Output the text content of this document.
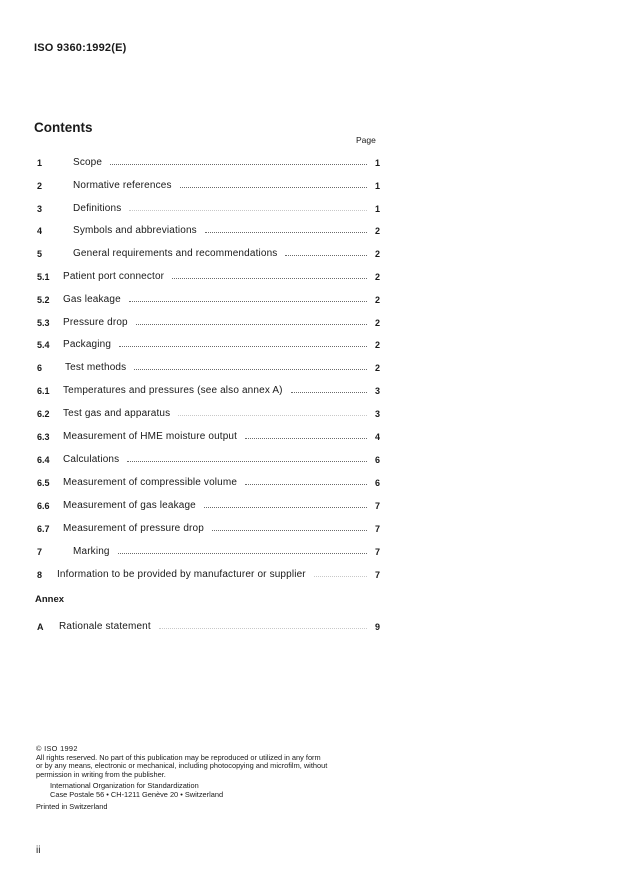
ISO 9360:1992(E)
Contents
Page
1	Scope	1
2	Normative references	1
3	Definitions	1
4	Symbols and abbreviations	2
5	General requirements and recommendations	2
5.1	Patient port connector	2
5.2	Gas leakage	2
5.3	Pressure drop	2
5.4	Packaging	2
6	Test methods	2
6.1	Temperatures and pressures (see also annex A)	3
6.2	Test gas and apparatus	3
6.3	Measurement of HME moisture output	4
6.4	Calculations	6
6.5	Measurement of compressible volume	6
6.6	Measurement of gas leakage	7
6.7	Measurement of pressure drop	7
7	Marking	7
8	Information to be provided by manufacturer or supplier	7
Annex
A	Rationale statement	9

© ISO 1992

All rights reserved. No part of this publication may be reproduced or utilized in any form

or by any means, electronic or mechanical, including photocopying and microfilm, without

permission in writing from the publisher.

International Organization for Standardization

Case Postale 56 • CH-1211 Genève 20 • Switzerland

Printed in Switzerland

ii
